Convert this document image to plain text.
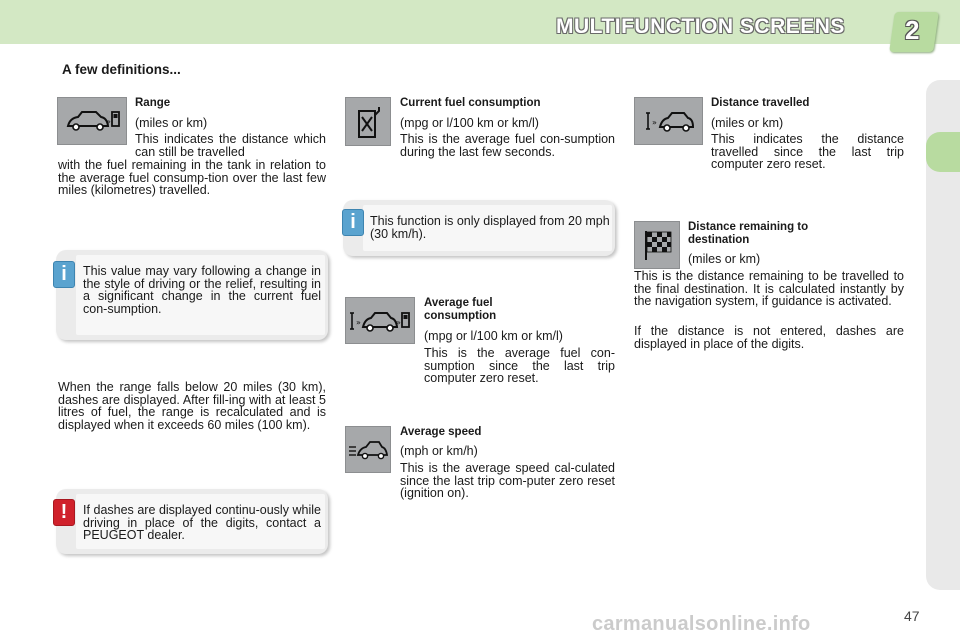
MULTIFUNCTION SCREENS 2
A few definitions...
»
Range
(miles or km)
This indicates the distance which can still be travelled
with the fuel remaining in the tank in relation to the average fuel consump-tion over the last few miles (kilometres) travelled.
i	This value may vary following a change in the style of driving or the relief, resulting in a significant change in the current fuel con-sumption.
When the range falls below 20 miles (30 km), dashes are displayed. After fill-ing with at least 5 litres of fuel, the range is recalculated and is displayed when it exceeds 60 miles (100 km).
!	If dashes are displayed continu-ously while driving in place of the digits, contact a PEUGEOT dealer.
Current fuel consumption
(mpg or l/100 km or km/l)
This is the average fuel con-sumption during the last few seconds.
i	This function is only displayed from 20 mph (30 km/h).
»	»
Average fuel consumption
(mpg or l/100 km or km/l)
This is the average fuel con-sumption since the last trip computer zero reset.
Average speed
(mph or km/h)
This is the average speed cal-culated since the last trip com-puter zero reset (ignition on).
»
Distance travelled
(miles or km)
This indicates the distance travelled since the last trip computer zero reset.
Distance remaining to destination
(miles or km)
This is the distance remaining to be travelled to the final destination. It is calculated instantly by the navigation system, if guidance is activated.
If the distance is not entered, dashes are displayed in place of the digits.
carmanualsonline.info	47
